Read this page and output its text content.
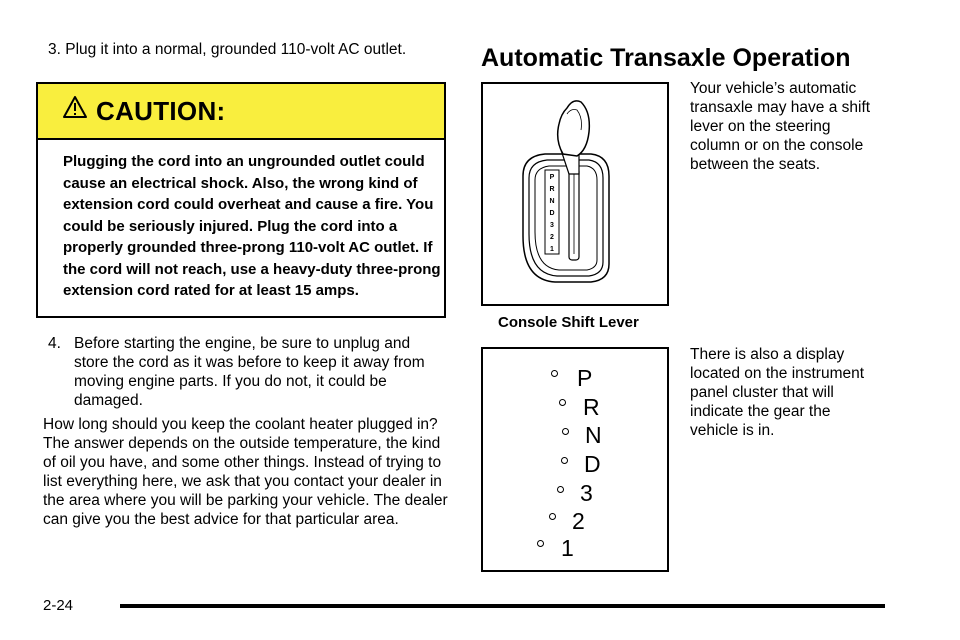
3. Plug it into a normal, grounded 110-volt AC outlet.

CAUTION:

Plugging the cord into an ungrounded outlet could cause an electrical shock. Also, the wrong kind of extension cord could overheat and cause a fire. You could be seriously injured. Plug the cord into a properly grounded three-prong 110-volt AC outlet. If the cord will not reach, use a heavy-duty three-prong extension cord rated for at least 15 amps.

4. Before starting the engine, be sure to unplug and store the cord as it was before to keep it away from moving engine parts. If you do not, it could be damaged.

How long should you keep the coolant heater plugged in? The answer depends on the outside temperature, the kind of oil you have, and some other things. Instead of trying to list everything here, we ask that you contact your dealer in the area where you will be parking your vehicle. The dealer can give you the best advice for that particular area.

Automatic Transaxle Operation
P
R
N
D
3
2
1
Console Shift Lever

Your vehicle’s automatic transaxle may have a shift lever on the steering column or on the console between the seats.

P
R
N
D
3
2
1

There is also a display located on the instrument panel cluster that will indicate the gear the vehicle is in.

2-24
